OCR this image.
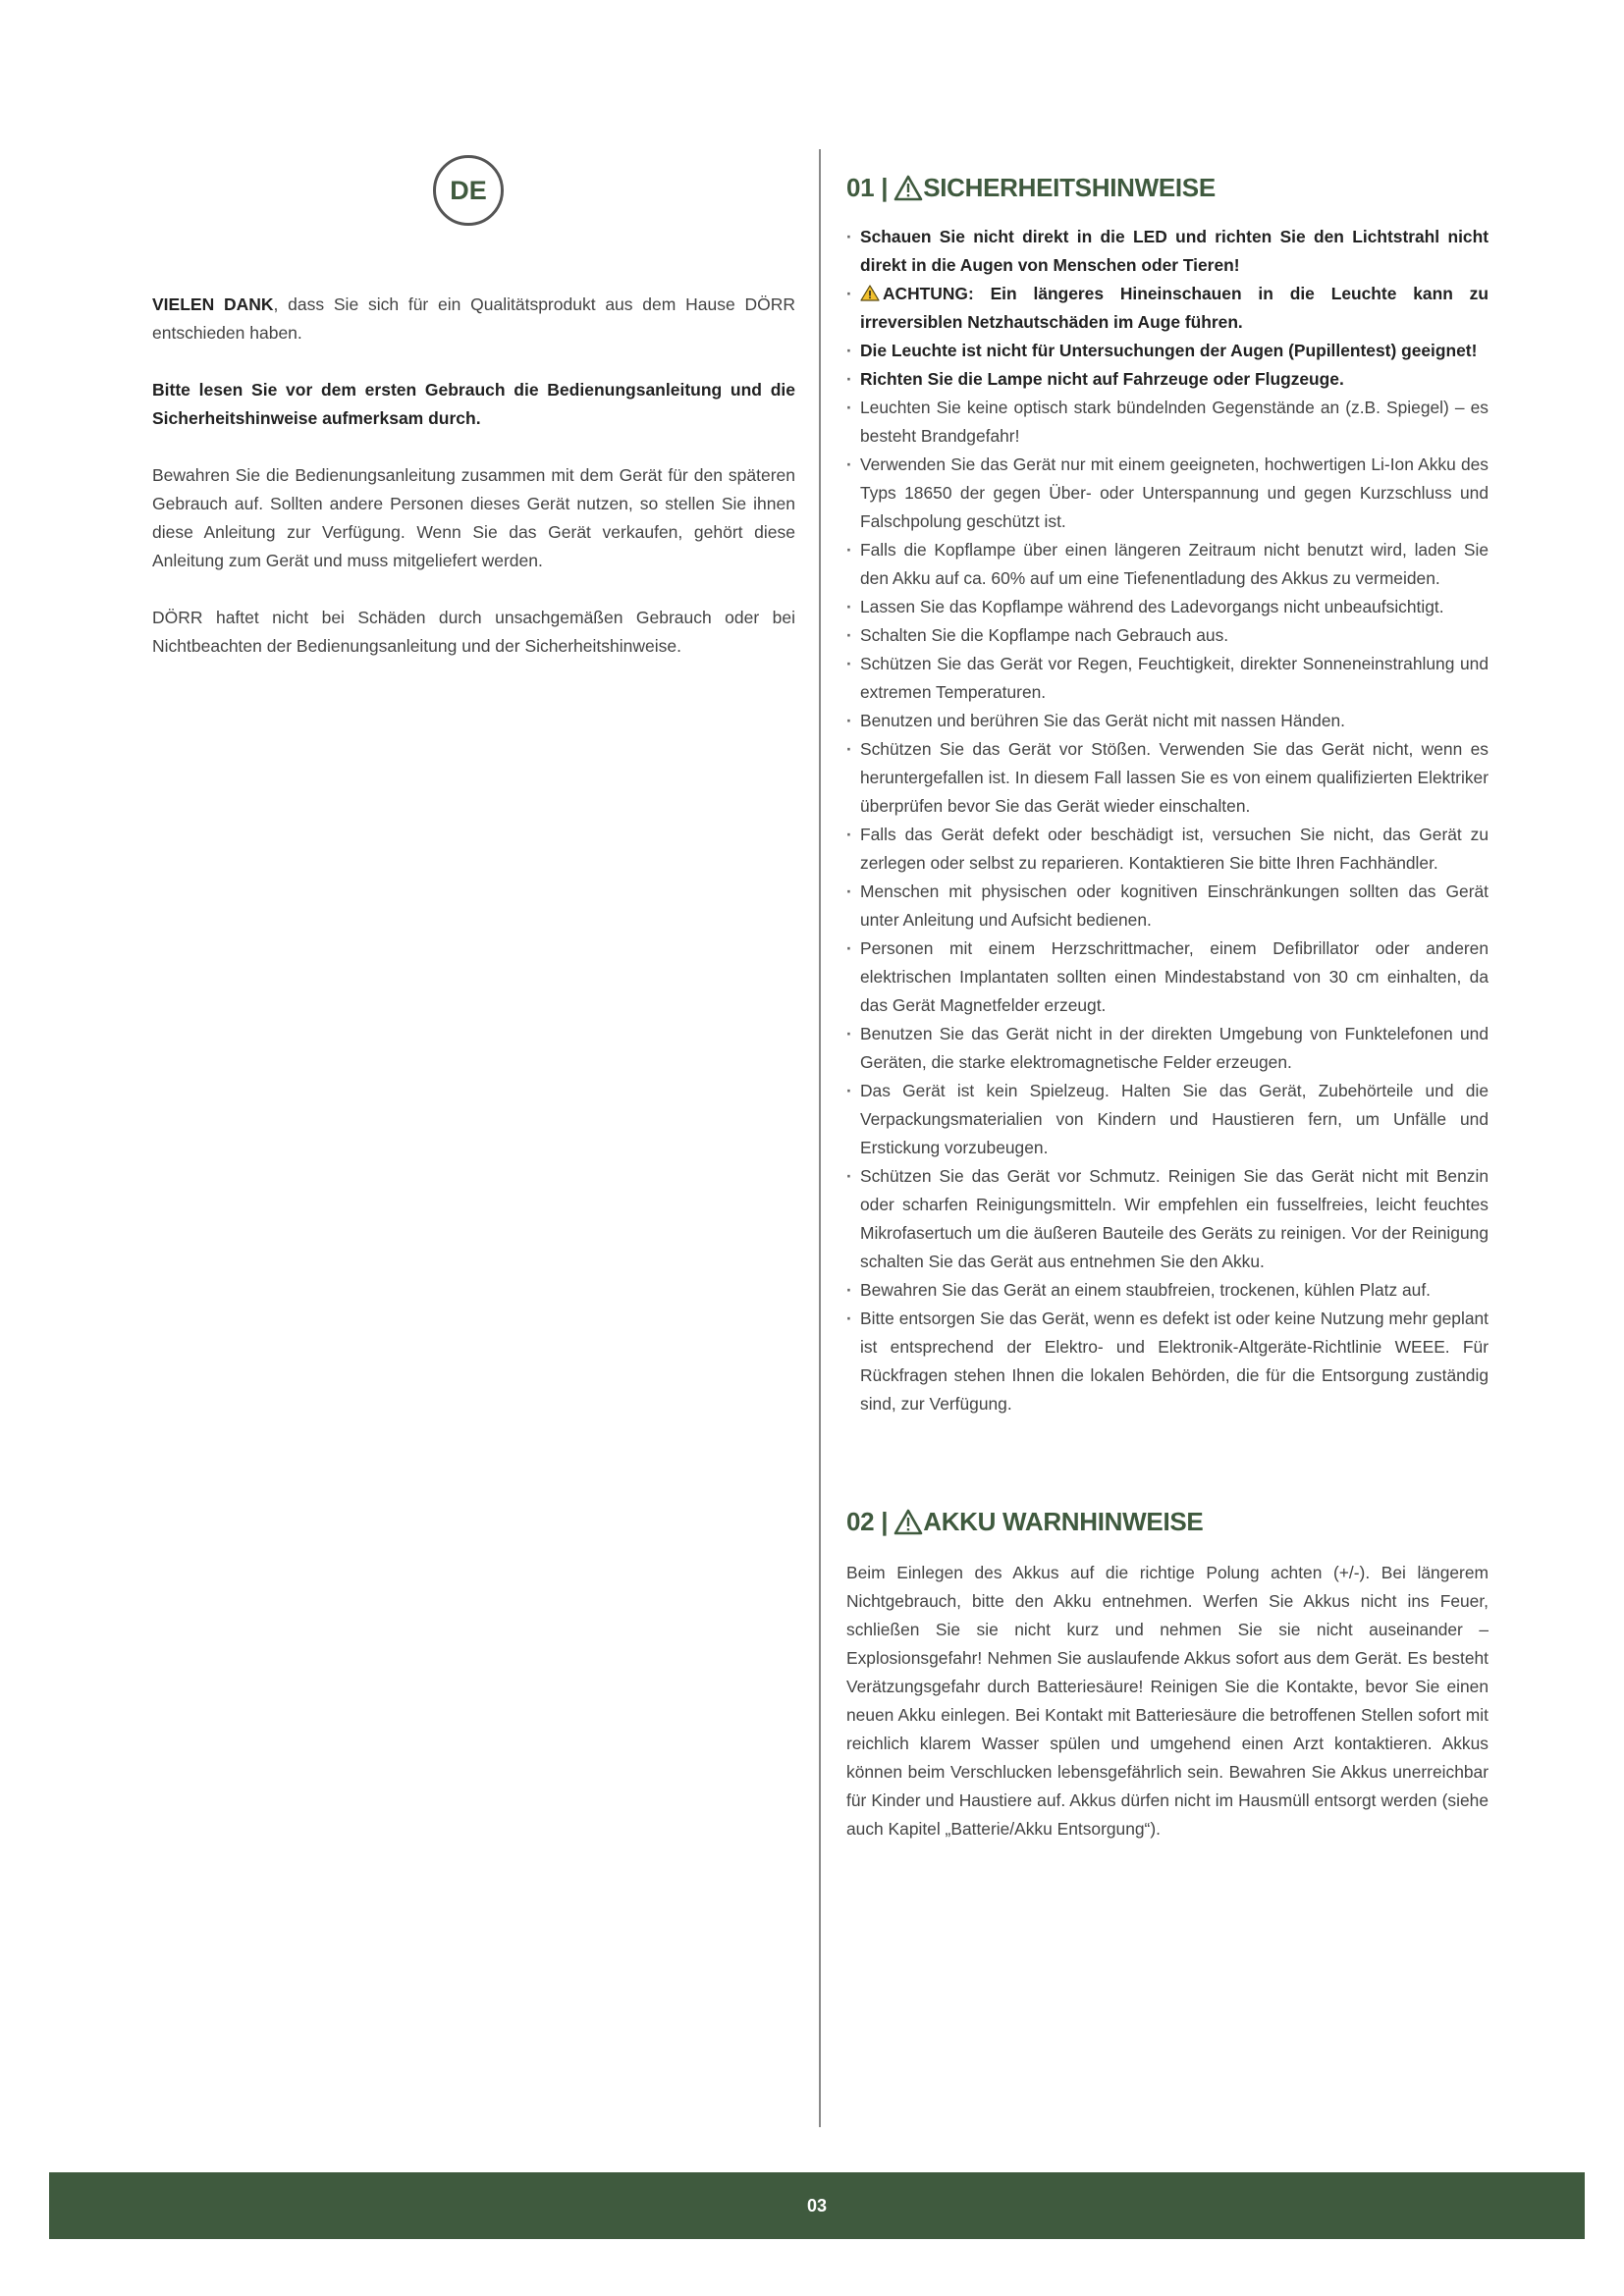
DE
VIELEN DANK, dass Sie sich für ein Qualitätsprodukt aus dem Hause DÖRR entschieden haben.
Bitte lesen Sie vor dem ersten Gebrauch die Bedienungsanleitung und die Sicherheitshinweise aufmerksam durch.
Bewahren Sie die Bedienungsanleitung zusammen mit dem Gerät für den späteren Gebrauch auf. Sollten andere Personen dieses Gerät nutzen, so stellen Sie ihnen diese Anleitung zur Verfügung. Wenn Sie das Gerät verkaufen, gehört diese Anleitung zum Gerät und muss mitgeliefert werden.
DÖRR haftet nicht bei Schäden durch unsachgemäßen Gebrauch oder bei Nichtbeachten der Bedienungsanleitung und der Sicherheitshinweise.
01 | SICHERHEITSHINWEISE
· Schauen Sie nicht direkt in die LED und richten Sie den Lichtstrahl nicht direkt in die Augen von Menschen oder Tieren!
· ACHTUNG: Ein längeres Hineinschauen in die Leuchte kann zu irreversiblen Netzhautschäden im Auge führen.
· Die Leuchte ist nicht für Untersuchungen der Augen (Pupillentest) geeignet!
· Richten Sie die Lampe nicht auf Fahrzeuge oder Flugzeuge.
· Leuchten Sie keine optisch stark bündelnden Gegenstände an (z.B. Spiegel) – es besteht Brandgefahr!
· Verwenden Sie das Gerät nur mit einem geeigneten, hochwertigen Li-Ion Akku des Typs 18650 der gegen Über- oder Unterspannung und gegen Kurzschluss und Falschpolung geschützt ist.
· Falls die Kopflampe über einen längeren Zeitraum nicht benutzt wird, laden Sie den Akku auf ca. 60% auf um eine Tiefenentladung des Akkus zu vermeiden.
· Lassen Sie das Kopflampe während des Ladevorgangs nicht unbeaufsichtigt.
· Schalten Sie die Kopflampe nach Gebrauch aus.
· Schützen Sie das Gerät vor Regen, Feuchtigkeit, direkter Sonneneinstrahlung und extremen Temperaturen.
· Benutzen und berühren Sie das Gerät nicht mit nassen Händen.
· Schützen Sie das Gerät vor Stößen. Verwenden Sie das Gerät nicht, wenn es heruntergefallen ist. In diesem Fall lassen Sie es von einem qualifizierten Elektriker überprüfen bevor Sie das Gerät wieder einschalten.
· Falls das Gerät defekt oder beschädigt ist, versuchen Sie nicht, das Gerät zu zerlegen oder selbst zu reparieren. Kontaktieren Sie bitte Ihren Fachhändler.
· Menschen mit physischen oder kognitiven Einschränkungen sollten das Gerät unter Anleitung und Aufsicht bedienen.
· Personen mit einem Herzschrittmacher, einem Defibrillator oder anderen elektrischen Implantaten sollten einen Mindestabstand von 30 cm einhalten, da das Gerät Magnetfelder erzeugt.
· Benutzen Sie das Gerät nicht in der direkten Umgebung von Funktelefonen und Geräten, die starke elektromagnetische Felder erzeugen.
· Das Gerät ist kein Spielzeug. Halten Sie das Gerät, Zubehörteile und die Verpackungsmaterialien von Kindern und Haustieren fern, um Unfälle und Erstickung vorzubeugen.
· Schützen Sie das Gerät vor Schmutz. Reinigen Sie das Gerät nicht mit Benzin oder scharfen Reinigungsmitteln. Wir empfehlen ein fusselfreies, leicht feuchtes Mikrofasertuch um die äußeren Bauteile des Geräts zu reinigen. Vor der Reinigung schalten Sie das Gerät aus entnehmen Sie den Akku.
· Bewahren Sie das Gerät an einem staubfreien, trockenen, kühlen Platz auf.
· Bitte entsorgen Sie das Gerät, wenn es defekt ist oder keine Nutzung mehr geplant ist entsprechend der Elektro- und Elektronik-Altgeräte-Richtlinie WEEE. Für Rückfragen stehen Ihnen die lokalen Behörden, die für die Entsorgung zuständig sind, zur Verfügung.
02 | AKKU WARNHINWEISE
Beim Einlegen des Akkus auf die richtige Polung achten (+/-). Bei längerem Nichtgebrauch, bitte den Akku entnehmen. Werfen Sie Akkus nicht ins Feuer, schließen Sie sie nicht kurz und nehmen Sie sie nicht auseinander – Explosionsgefahr! Nehmen Sie auslaufende Akkus sofort aus dem Gerät. Es besteht Verätzungsgefahr durch Batteriesäure! Reinigen Sie die Kontakte, bevor Sie einen neuen Akku einlegen. Bei Kontakt mit Batteriesäure die betroffenen Stellen sofort mit reichlich klarem Wasser spülen und umgehend einen Arzt kontaktieren. Akkus können beim Verschlucken lebensgefährlich sein. Bewahren Sie Akkus unerreichbar für Kinder und Haustiere auf. Akkus dürfen nicht im Hausmüll entsorgt werden (siehe auch Kapitel „Batterie/Akku Entsorgung“).
03
